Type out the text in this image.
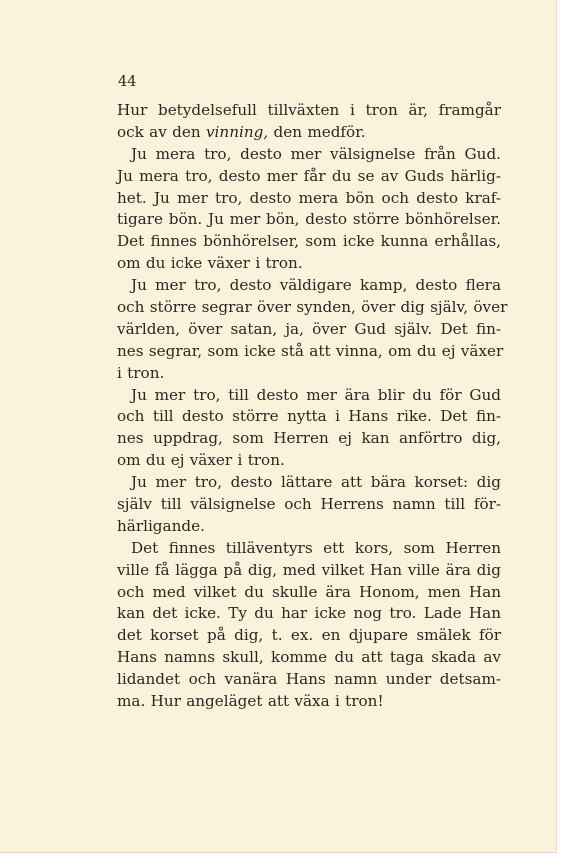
44
Hur betydelsefull tillväxten i tron är, framgår
ock av den vinning, den medför.
Ju mera tro, desto mer välsignelse från Gud.
Ju mera tro, desto mer får du se av Guds härlig-
het. Ju mer tro, desto mera bön och desto kraf-
tigare bön. Ju mer bön, desto större bönhörelser.
Det finnes bönhörelser, som icke kunna erhållas,
om du icke växer i tron.
Ju mer tro, desto väldigare kamp, desto flera
och större segrar över synden, över dig själv, över
världen, över satan, ja, över Gud själv. Det fin-
nes segrar, som icke stå att vinna, om du ej växer
i tron.
Ju mer tro, till desto mer ära blir du för Gud
och till desto större nytta i Hans rike. Det fin-
nes uppdrag, som Herren ej kan anförtro dig,
om du ej växer i tron.
Ju mer tro, desto lättare att bära korset: dig
själv till välsignelse och Herrens namn till för-
härligande.
Det finnes tilläventyrs ett kors, som Herren
ville få lägga på dig, med vilket Han ville ära dig
och med vilket du skulle ära Honom, men Han
kan det icke. Ty du har icke nog tro. Lade Han
det korset på dig, t. ex. en djupare smälek för
Hans namns skull, komme du att taga skada av
lidandet och vanära Hans namn under detsam-
ma. Hur angeläget att växa i tron!
